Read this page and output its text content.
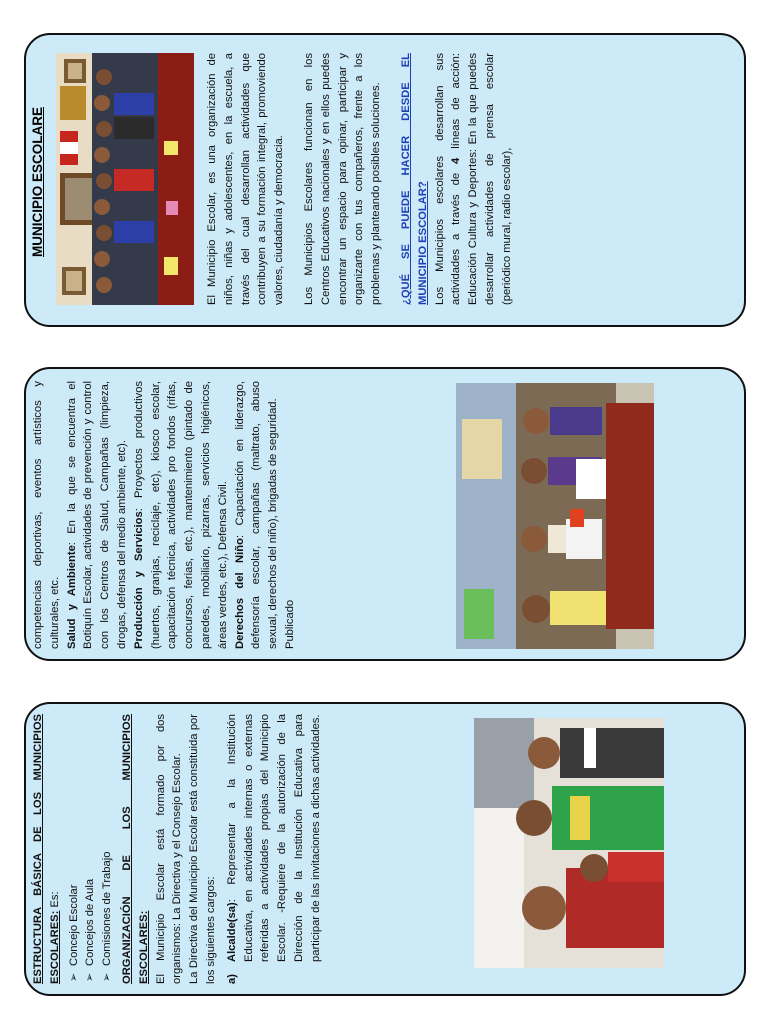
MUNICIPIO ESCOLARE	El Municipio Escolar, es una organización de niños, niñas y adolescentes, en la escuela, a través del cual desarrollan actividades que contribuyen a su formación integral, promoviendo valores, ciudadanía y democracia. Los Municipios Escolares funcionan en los Centros Educativos nacionales y en ellos puedes encontrar un espacio para opinar, participar y organizarte con tus compañeros, frente a los problemas y planteando posibles soluciones. ¿QUÉ SE PUEDE HACER DESDE EL MUNICIPIO ESCOLAR? Los Municipios escolares desarrollan sus actividades a través de 4 líneas de acción: Educación Cultura y Deportes: En la que puedes desarrollar actividades de prensa escolar (periódico mural, radio escolar),

competencias deportivas, eventos artísticos y culturales, etc. Salud y Ambiente: En la que se encuentra el Botiquín Escolar, actividades de prevención y control con los Centros de Salud, Campañas (limpieza, drogas, defensa del medio ambiente, etc). Producción y Servicios: Proyectos productivos (huertos, granjas, reciclaje, etc), kiosco escolar, capacitación técnica, actividades pro fondos (rifas, concursos, ferias, etc.), mantenimiento (pintado de paredes, mobiliario, pizarras, servicios higiénicos, áreas verdes, etc.), Defensa Civil. Derechos del Niño: Capacitación en liderazgo, defensoría escolar, campañas (maltrato, abuso sexual, derechos del niño), brigadas de seguridad. Publicado

ESTRUCTURA BÁSICA DE LOS MUNICIPIOS ESCOLARES: Es:

➢
Concejo Escolar
➢
Concejos de Aula
➢
Comisiones de Trabajo ORGANIZACIÓN DE LOS MUNICIPIOS ESCOLARES: El Municipio Escolar está formado por dos organismos: La Directiva y el Consejo Escolar. La Directiva del Municipio Escolar está constituida por los siguientes cargos: a)

Alcalde(sa): Representar a la Institución Educativa, en actividades internas o externas referidas a actividades propias del Municipio Escolar. -Requiere de la autorización de la Dirección de la Institución Educativa para participar de las invitaciones a dichas actividades.
